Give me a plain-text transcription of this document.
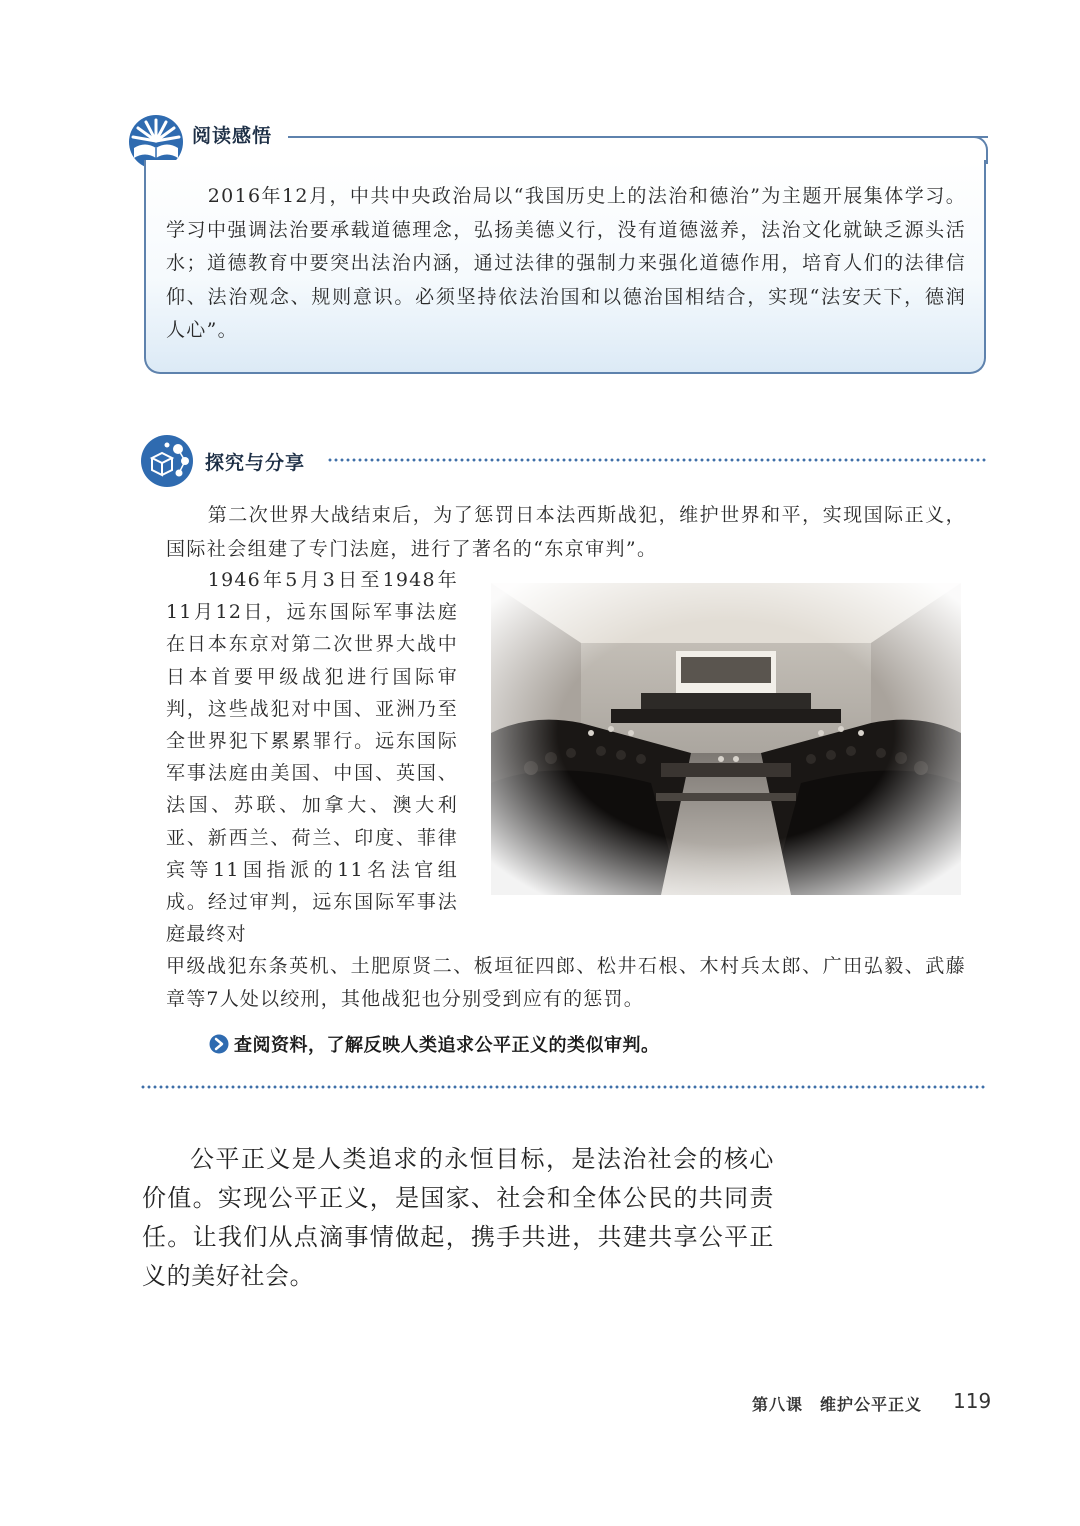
阅读感悟
2016年12月，中共中央政治局以“我国历史上的法治和德治”为主题开展集体学习。学习中强调法治要承载道德理念，弘扬美德义行，没有道德滋养，法治文化就缺乏源头活水；道德教育中要突出法治内涵，通过法律的强制力来强化道德作用，培育人们的法律信仰、法治观念、规则意识。必须坚持依法治国和以德治国相结合，实现“法安天下，德润人心”。
探究与分享
第二次世界大战结束后，为了惩罚日本法西斯战犯，维护世界和平，实现国际正义，国际社会组建了专门法庭，进行了著名的“东京审判”。
1946年5月3日至1948年11月12日，远东国际军事法庭在日本东京对第二次世界大战中日本首要甲级战犯进行国际审判，这些战犯对中国、亚洲乃至全世界犯下累累罪行。远东国际军事法庭由美国、中国、英国、法国、苏联、加拿大、澳大利亚、新西兰、荷兰、印度、菲律宾等11国指派的11名法官组成。经过审判，远东国际军事法庭最终对
甲级战犯东条英机、土肥原贤二、板垣征四郎、松井石根、木村兵太郎、广田弘毅、武藤章等7人处以绞刑，其他战犯也分别受到应有的惩罚。
查阅资料，了解反映人类追求公平正义的类似审判。
公平正义是人类追求的永恒目标，是法治社会的核心价值。实现公平正义，是国家、社会和全体公民的共同责任。让我们从点滴事情做起，携手共进，共建共享公平正义的美好社会。
第八课　维护公平正义 119
